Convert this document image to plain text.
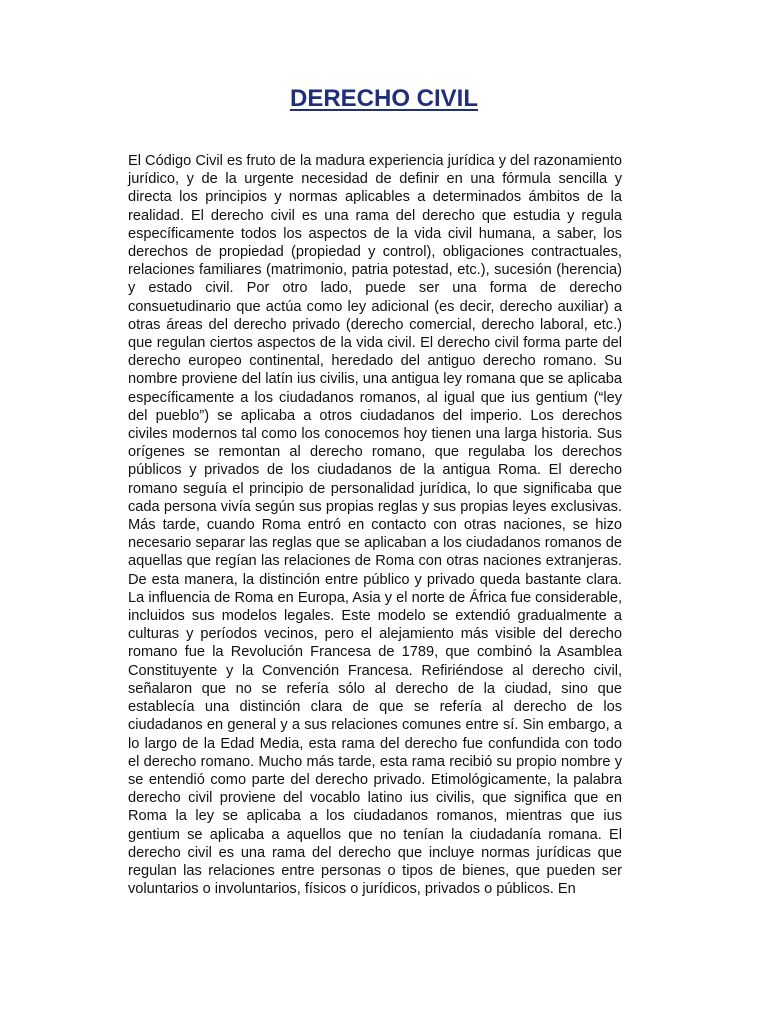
DERECHO CIVIL

El Código Civil es fruto de la madura experiencia jurídica y del razonamiento jurídico, y de la urgente necesidad de definir en una fórmula sencilla y directa los principios y normas aplicables a determinados ámbitos de la realidad. El derecho civil es una rama del derecho que estudia y regula específicamente todos los aspectos de la vida civil humana, a saber, los derechos de propiedad (propiedad y control), obligaciones contractuales, relaciones familiares (matrimonio, patria potestad, etc.), sucesión (herencia) y estado civil. Por otro lado, puede ser una forma de derecho consuetudinario que actúa como ley adicional (es decir, derecho auxiliar) a otras áreas del derecho privado (derecho comercial, derecho laboral, etc.) que regulan ciertos aspectos de la vida civil. El derecho civil forma parte del derecho europeo continental, heredado del antiguo derecho romano. Su nombre proviene del latín ius civilis, una antigua ley romana que se aplicaba específicamente a los ciudadanos romanos, al igual que ius gentium (“ley del pueblo”) se aplicaba a otros ciudadanos del imperio. Los derechos civiles modernos tal como los conocemos hoy tienen una larga historia. Sus orígenes se remontan al derecho romano, que regulaba los derechos públicos y privados de los ciudadanos de la antigua Roma. El derecho romano seguía el principio de personalidad jurídica, lo que significaba que cada persona vivía según sus propias reglas y sus propias leyes exclusivas. Más tarde, cuando Roma entró en contacto con otras naciones, se hizo necesario separar las reglas que se aplicaban a los ciudadanos romanos de aquellas que regían las relaciones de Roma con otras naciones extranjeras. De esta manera, la distinción entre público y privado queda bastante clara. La influencia de Roma en Europa, Asia y el norte de África fue considerable, incluidos sus modelos legales. Este modelo se extendió gradualmente a culturas y períodos vecinos, pero el alejamiento más visible del derecho romano fue la Revolución Francesa de 1789, que combinó la Asamblea Constituyente y la Convención Francesa. Refiriéndose al derecho civil, señalaron que no se refería sólo al derecho de la ciudad, sino que establecía una distinción clara de que se refería al derecho de los ciudadanos en general y a sus relaciones comunes entre sí. Sin embargo, a lo largo de la Edad Media, esta rama del derecho fue confundida con todo el derecho romano. Mucho más tarde, esta rama recibió su propio nombre y se entendió como parte del derecho privado. Etimológicamente, la palabra derecho civil proviene del vocablo latino ius civilis, que significa que en Roma la ley se aplicaba a los ciudadanos romanos, mientras que ius gentium se aplicaba a aquellos que no tenían la ciudadanía romana. El derecho civil es una rama del derecho que incluye normas jurídicas que regulan las relaciones entre personas o tipos de bienes, que pueden ser voluntarios o involuntarios, físicos o jurídicos, privados o públicos. En
